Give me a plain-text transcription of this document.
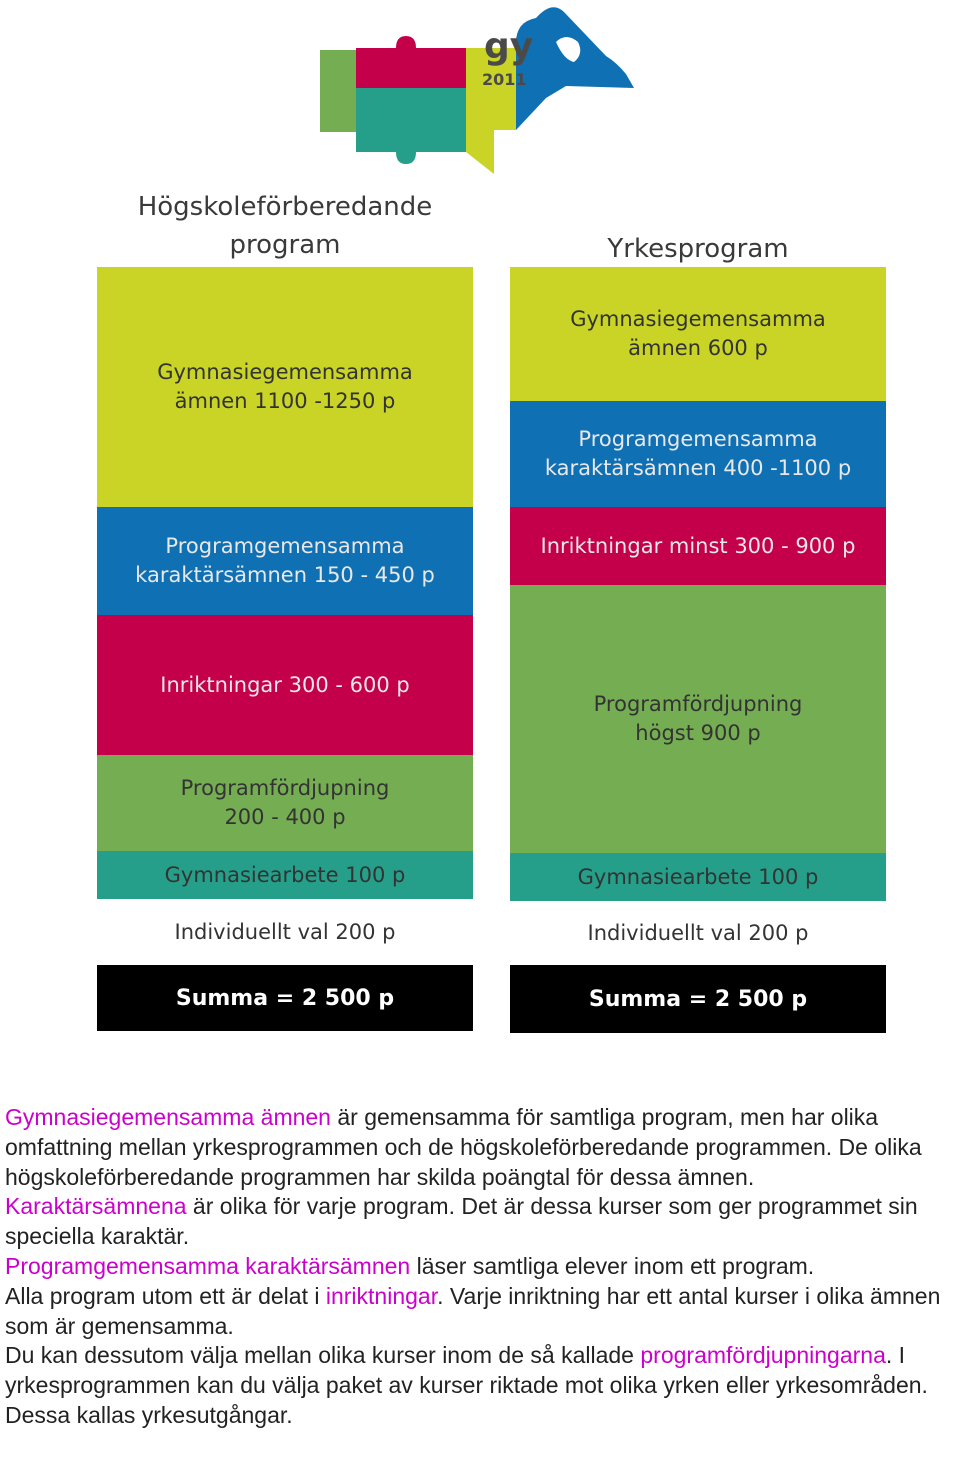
gy
2011
Högskoleförberedande
program	Yrkesprogram
Gymnasiegemensamma
ämnen 1100 -1250 p
Programgemensamma
karaktärsämnen 150 - 450 p
Inriktningar 300 - 600 p
Programfördjupning
200 - 400 p
Gymnasiearbete 100 p
Individuellt val 200 p
Summa = 2 500 p
Gymnasiegemensamma
ämnen 600 p
Programgemensamma
karaktärsämnen 400 -1100 p
Inriktningar minst 300 - 900 p
Programfördjupning
högst 900 p
Gymnasiearbete 100 p
Individuellt val 200 p
Summa = 2 500 p

Gymnasiegemensamma ämnen är gemensamma för samtliga program, men har olika omfattning mellan yrkesprogrammen och de högskoleförberedande programmen. De olika högskoleförberedande programmen har skilda poängtal för dessa ämnen.

Karaktärsämnena är olika för varje program. Det är dessa kurser som ger programmet sin speciella karaktär.

Programgemensamma karaktärsämnen läser samtliga elever inom ett program.

Alla program utom ett är delat i inriktningar. Varje inriktning har ett antal kurser i olika ämnen som är gemensamma.

Du kan dessutom välja mellan olika kurser inom de så kallade programfördjupningarna. I yrkesprogrammen kan du välja paket av kurser riktade mot olika yrken eller yrkesområden. Dessa kallas yrkesutgångar.
